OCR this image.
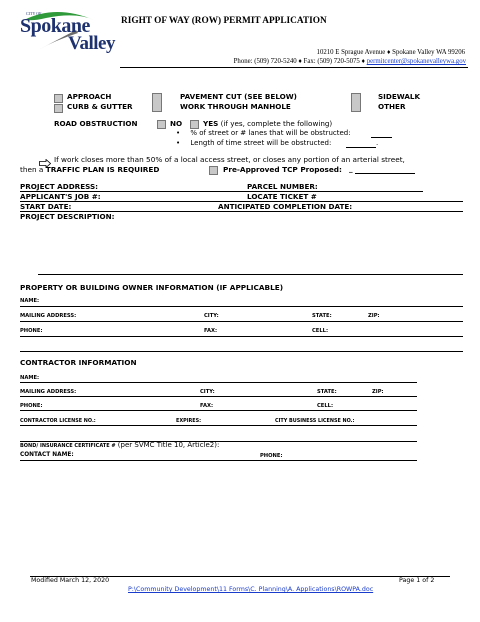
CITY OF
Spokane
Valley
RIGHT OF WAY (ROW) PERMIT APPLICATION
10210 E Sprague Avenue ♦ Spokane Valley WA 99206
Phone: (509) 720-5240 ♦ Fax: (509) 720-5075 ♦ permitcenter@spokanevalleywa.gov
APPROACH
CURB & GUTTER
PAVEMENT CUT (SEE BELOW)
WORK THROUGH MANHOLE
SIDEWALK
OTHER
ROAD OBSTRUCTION	NO	YES (if yes, complete the following)
• % of street or # lanes that will be obstructed:
• Length of time street will be obstructed:	.
If work closes more than 50% of a local access street, or closes any portion of an arterial street,
then a TRAFFIC PLAN IS REQUIRED	Pre-Approved TCP Proposed: _
PROJECT ADDRESS:	PARCEL NUMBER:
APPLICANT'S JOB #:	LOCATE TICKET #
START DATE:	ANTICIPATED COMPLETION DATE:
PROJECT DESCRIPTION:
PROPERTY OR BUILDING OWNER INFORMATION (IF APPLICABLE)
NAME:
MAILING ADDRESS:	CITY:	STATE:	ZIP:
PHONE:	FAX:	CELL:
CONTRACTOR INFORMATION
NAME:
MAILING ADDRESS:	CITY:	STATE:	ZIP:
PHONE:	FAX:	CELL:
CONTRACTOR LICENSE NO.:	EXPIRES:	CITY BUSINESS LICENSE NO.:
BOND/ INSURANCE CERTIFICATE # (per SVMC Title 10, Article2):
CONTACT NAME:	PHONE:
Modified March 12, 2020	Page 1 of 2
P:\Community Development\11 Forms\C. Planning\A. Applications\ROWPA.doc
